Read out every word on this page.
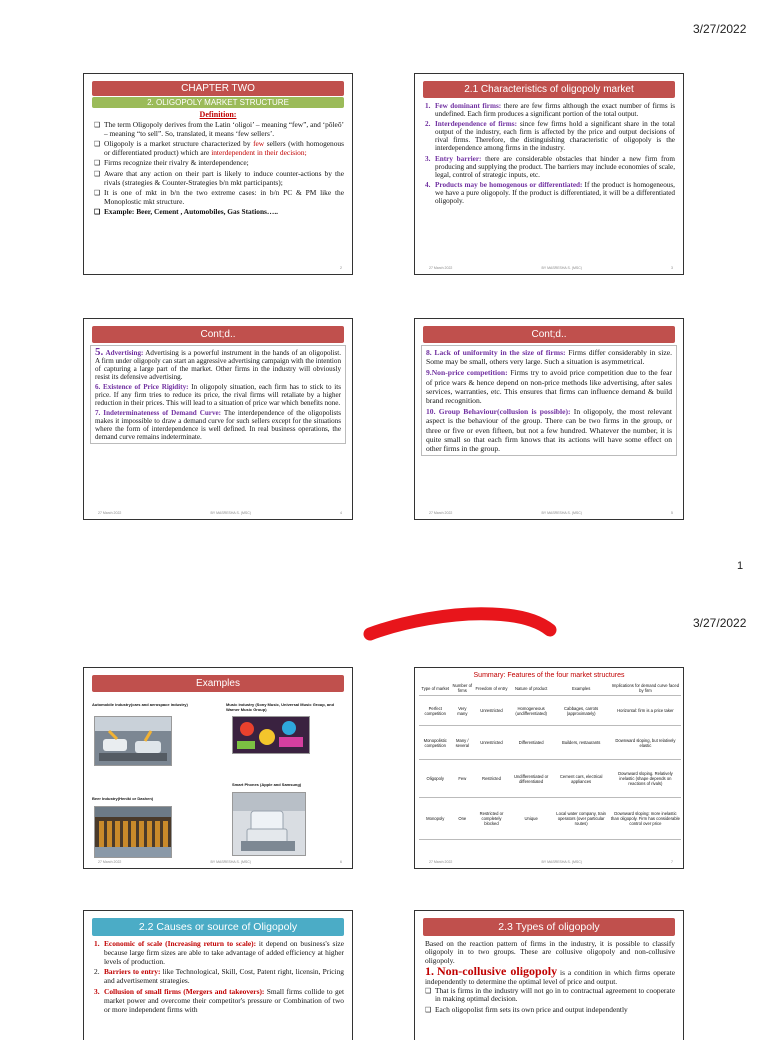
3/27/2022
CHAPTER TWO
2. OLIGOPOLY MARKET STRUCTURE
Definition:
❑ The term Oligopoly derives from the Latin ‘oligoi’ – meaning “few”, and ‘pōleō’ – meaning “to sell”. So, translated, it means ‘few sellers’.
❑ Oligopoly is a market structure characterized by few sellers (with homogenous or differentiated product) which are interdependent in their decision;
❑ Firms recognize their rivalry & interdependence;
❑ Aware that any action on their part is likely to induce counter-actions by the rivals (strategies & Counter-Strategies b/n mkt participants);
❑ It is one of mkt in b/n the two extreme cases: in b/n PC & PM like the Monoplostic mkt structure.
❑ Example: Beer, Cement , Automobiles, Gas Stations…..
2
2.1 Characteristics of oligopoly market
1. Few dominant firms: there are few firms although the exact number of firms is undefined. Each firm produces a significant portion of the total output.
2. Interdependence of firms: since few firms hold a significant share in the total output of the industry, each firm is affected by the price and output decisions of rival firms. Therefore, the distinguishing characteristic of oligopoly is the interdependence among firms in the industry.
3. Entry barrier: there are considerable obstacles that hinder a new firm from producing and supplying the product. The barriers may include economies of scale, legal, control of strategic inputs, etc.
4. Products may be homogenous or differentiated: If the product is homogeneous, we have a pure oligopoly. If the product is differentiated, it will be a differentiated oligopoly.
27 March 2022	BY MASRESHA S. (MSC)	3
Cont;d..

5. Advertising: Advertising is a powerful instrument in the hands of an oligopolist. A firm under oligopoly can start an aggressive advertising campaign with the intention of capturing a large part of the market. Other firms in the industry will obviously resist its defensive advertising.

6. Existence of Price Rigidity: In oligopoly situation, each firm has to stick to its price. If any firm tries to reduce its price, the rival firms will retaliate by a higher reduction in their prices. This will lead to a situation of price war which benefits none.

7. Indeterminateness of Demand Curve: The interdependence of the oligopolists makes it impossible to draw a demand curve for such sellers except for the situations where the form of interdependence is well defined. In real business operations, the demand curve remains indeterminate.

27 March 2022	BY MASRESHA S. (MSC)	4
Cont;d..

8. Lack of uniformity in the size of firms: Firms differ considerably in size. Some may be small, others very large. Such a situation is asymmetrical.

9.Non-price competition: Firms try to avoid price competition due to the fear of price wars & hence depend on non-price methods like advertising, after sales services, warranties, etc. This ensures that firms can influence demand & build brand recognition.

10. Group Behaviour(collusion is possible): In oligopoly, the most relevant aspect is the behaviour of the group. There can be two firms in the group, or three or five or even fifteen, but not a few hundred. Whatever the number, it is quite small so that each firm knows that its actions will have some effect on other firms in the group.

27 March 2022	BY MASRESHA S. (MSC)	5
1
3/27/2022
Examples
Automobile industry(cars and aerospace industry)	Music industry (Sony Music, Universal Music Group, and Warner Music Group)
Beer Industry(Heniki or Dashen)
Smart Phones (Apple and Samsung)
27 March 2022	BY MASRESHA S. (MSC)	6
Summary: Features of the four market structures
Type of market	Number of firms	Freedom of entry	Nature of product	Examples	Implications for demand curve faced by firm
Perfect competition	Very many	Unrestricted	Homogeneous (undifferentiated)	Cabbages, carrots (approximately)	Horizontal: firm is a price taker
Monopolistic competition	Many / several	Unrestricted	Differentiated	Builders, restaurants	Downward sloping, but relatively elastic
Oligopoly	Few	Restricted	Undifferentiated or differentiated	Cement cars, electrical appliances	Downward sloping. Relatively inelastic (shape depends on reactions of rivals)
Monopoly	One	Restricted or completely blocked	Unique	Local water company, train operators (over particular routes)	Downward sloping: more inelastic than oligopoly. Firm has considerable control over price
27 March 2022	BY MASRESHA S. (MSC)	7
2.2 Causes or source of Oligopoly
1. Economic of scale (Increasing return to scale): it depend on business's size because large firm sizes are able to take advantage of added efficiency at higher levels of production.
2. Barriers to entry: like Technological, Skill, Cost, Patent right, licensin, Pricing and advertisement strategies.
3. Collusion of small firms (Mergers and takeovers): Small firms collide to get market power and overcome their competitor's pressure or Combination of two or more independent firms with
2.3 Types of oligopoly

Based on the reaction pattern of firms in the industry, it is possible to classify oligopoly in to two groups. These are collusive oligopoly and non-collusive oligopoly.

1. Non-collusive oligopoly is a condition in which firms operate independently to determine the optimal level of price and output.

❑ That is firms in the industry will not go in to contractual agreement to cooperate in making optimal decision.
❑ Each oligopolist firm sets its own price and output independently
